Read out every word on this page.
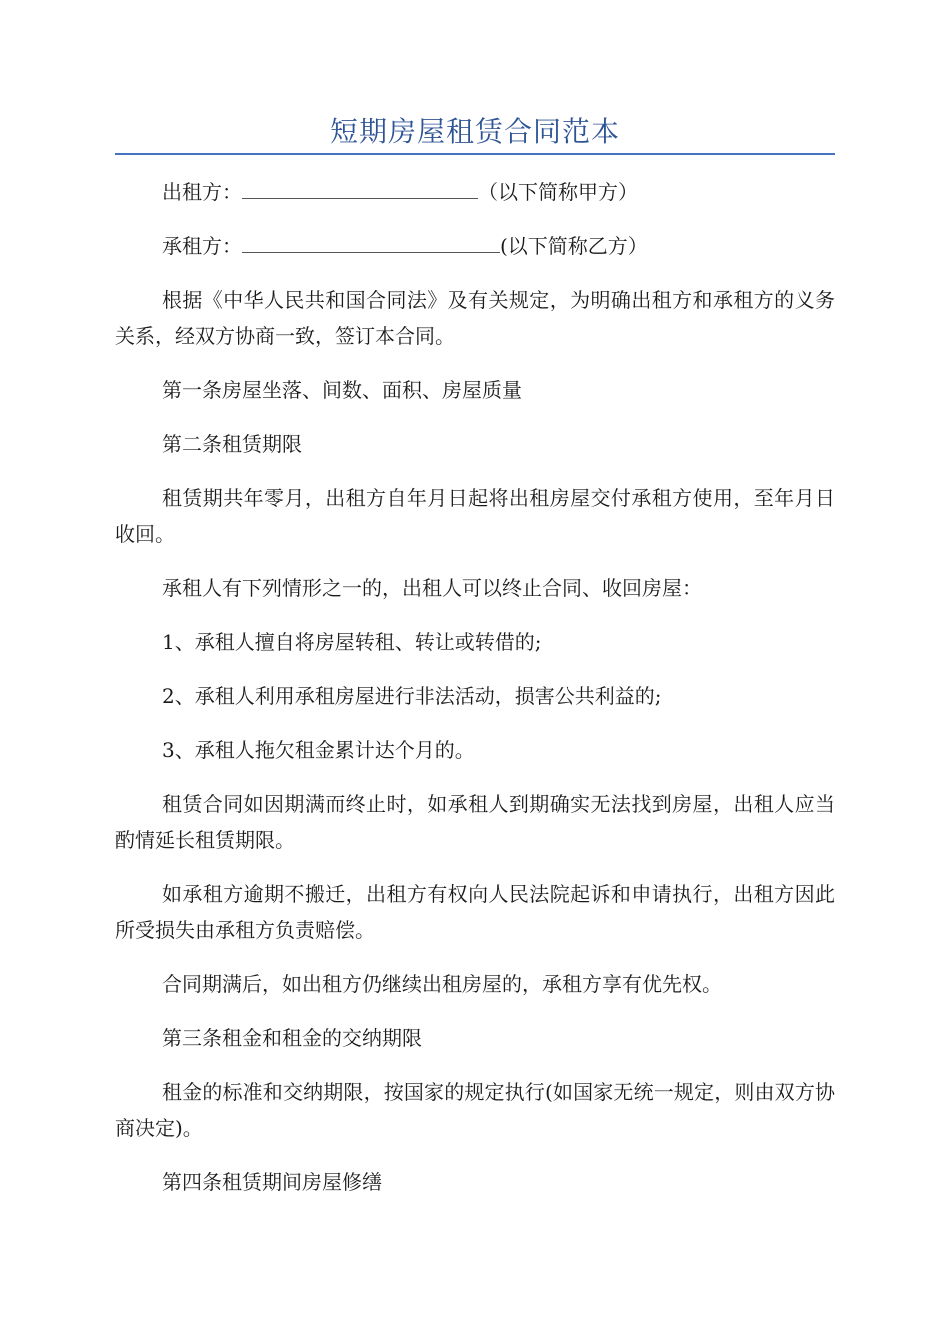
短期房屋租赁合同范本

出租方：	（以下简称甲方）

承租方：	(以下简称乙方）

根据《中华人民共和国合同法》及有关规定，为明确出租方和承租方的义务关系，经双方协商一致，签订本合同。

第一条房屋坐落、间数、面积、房屋质量

第二条租赁期限

租赁期共年零月，出租方自年月日起将出租房屋交付承租方使用，至年月日收回。

承租人有下列情形之一的，出租人可以终止合同、收回房屋：

1、承租人擅自将房屋转租、转让或转借的;

2、承租人利用承租房屋进行非法活动，损害公共利益的;

3、承租人拖欠租金累计达个月的。

租赁合同如因期满而终止时，如承租人到期确实无法找到房屋，出租人应当酌情延长租赁期限。

如承租方逾期不搬迁，出租方有权向人民法院起诉和申请执行，出租方因此所受损失由承租方负责赔偿。

合同期满后，如出租方仍继续出租房屋的，承租方享有优先权。

第三条租金和租金的交纳期限

租金的标准和交纳期限，按国家的规定执行(如国家无统一规定，则由双方协商决定)。

第四条租赁期间房屋修缮
